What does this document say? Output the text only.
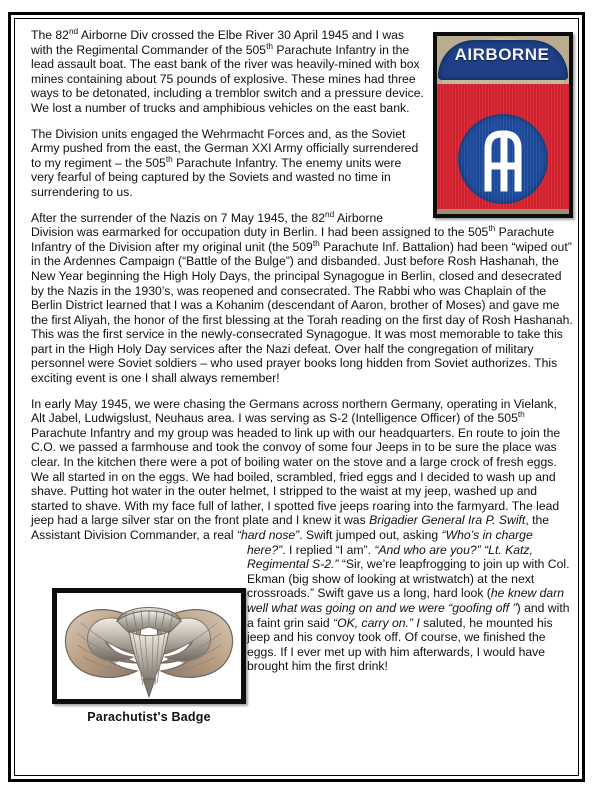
AIRBORNE

The 82nd Airborne Div crossed the Elbe River 30 April 1945 and I was with the Regimental Commander of the 505th Parachute Infantry in the lead assault boat. The east bank of the river was heavily-mined with box mines containing about 75 pounds of explosive. These mines had three ways to be detonated, including a tremblor switch and a pressure device. We lost a number of trucks and amphibious vehicles on the east bank.

The Division units engaged the Wehrmacht Forces and, as the Soviet Army pushed from the east, the German XXI Army officially surrendered to my regiment – the 505th Parachute Infantry. The enemy units were very fearful of being captured by the Soviets and wasted no time in surrendering to us.

After the surrender of the Nazis on 7 May 1945, the 82nd Airborne Division was earmarked for occupation duty in Berlin. I had been assigned to the 505th Parachute Infantry of the Division after my original unit (the 509th Parachute Inf. Battalion) had been “wiped out” in the Ardennes Campaign (“Battle of the Bulge”) and disbanded. Just before Rosh Hashanah, the New Year beginning the High Holy Days, the principal Synagogue in Berlin, closed and desecrated by the Nazis in the 1930’s, was reopened and consecrated. The Rabbi who was Chaplain of the Berlin District learned that I was a Kohanim (descendant of Aaron, brother of Moses) and gave me the first Aliyah, the honor of the first blessing at the Torah reading on the first day of Rosh Hashanah. This was the first service in the newly-consecrated Synagogue. It was most memorable to take this part in the High Holy Day services after the Nazi defeat. Over half the congregation of military personnel were Soviet soldiers – who used prayer books long hidden from Soviet authorizes. This exciting event is one I shall always remember!

In early May 1945, we were chasing the Germans across northern Germany, operating in Vielank, Alt Jabel, Ludwigslust, Neuhaus area. I was serving as S-2 (Intelligence Officer) of the 505th Parachute Infantry and my group was headed to link up with our headquarters. En route to join the C.O. we passed a farmhouse and took the convoy of some four Jeeps in to be sure the place was clear. In the kitchen there were a pot of boiling water on the stove and a large crock of fresh eggs. We all started in on the eggs. We had boiled, scrambled, fried eggs and I decided to wash up and shave. Putting hot water in the outer helmet, I stripped to the waist at my jeep, washed up and started to shave. With my face full of lather, I spotted five jeeps roaring into the farmyard. The lead jeep had a large silver star on the front plate and I knew it was Brigadier General Ira P. Swift, the Assistant Division Commander, a real “hard nose”. Swift jumped out, asking
“Who’s in charge here?”. I replied “I am”. “And who are you?” “Lt. Katz, Regimental S-2.” “Sir, we’re leapfrogging to join up with Col. Ekman (big show of looking at wristwatch) at the next crossroads.” Swift gave us a long, hard look (he knew darn well what was going on and we were “goofing off ”) and with a faint grin said “OK, carry on.” I saluted, he mounted his jeep and his convoy took off. Of course, we finished the eggs. If I ever met up with him afterwards, I would have brought him the first drink!

Parachutist's Badge
